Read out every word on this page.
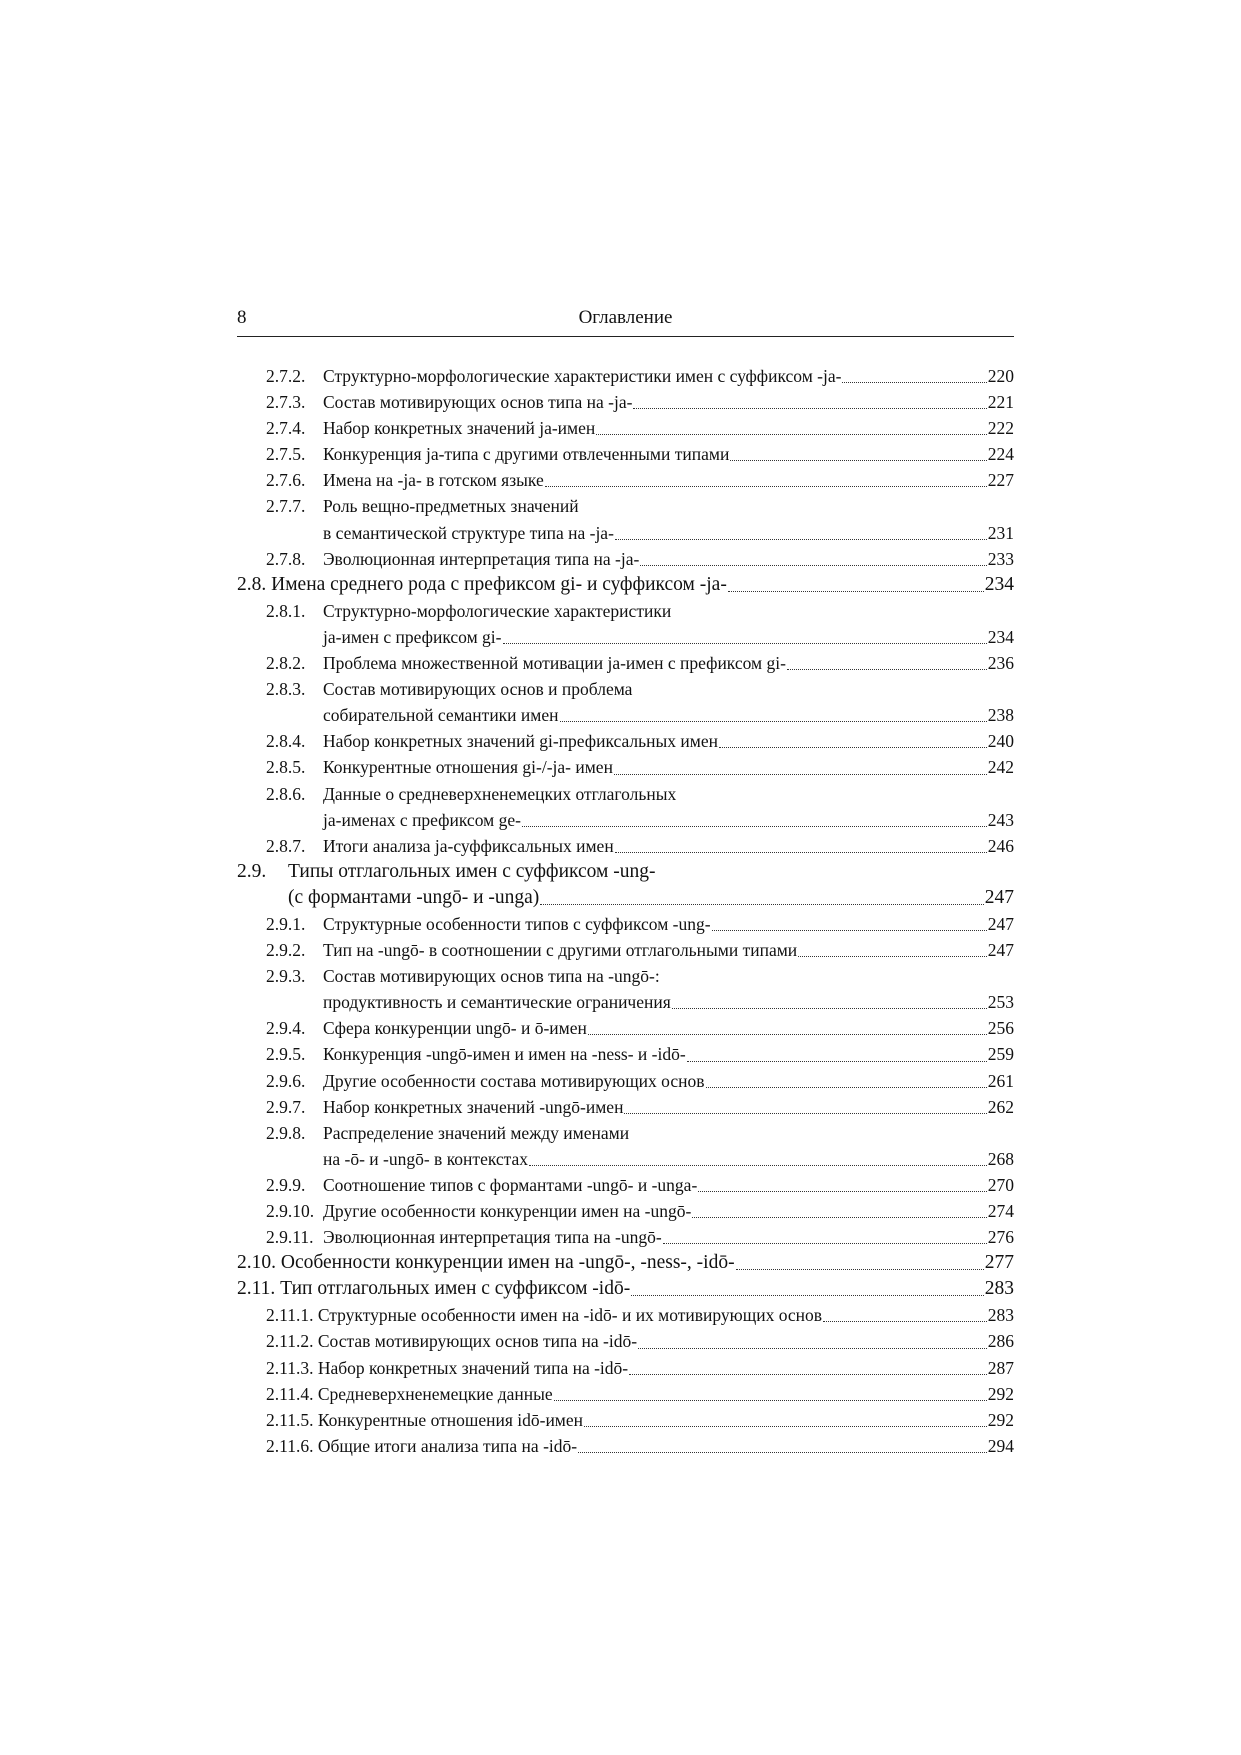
8	Оглавление
2.7.2. Структурно-морфологические характеристики имен с суффиксом -ja-	220
2.7.3. Состав мотивирующих основ типа на -ja-	221
2.7.4. Набор конкретных значений ja-имен	222
2.7.5. Конкуренция ja-типа с другими отвлеченными типами	224
2.7.6. Имена на -ja- в готском языке	227
2.7.7. Роль вещно-предметных значений
в семантической структуре типа на -ja-	231
2.7.8. Эволюционная интерпретация типа на -ja-	233
2.8. Имена среднего рода с префиксом gi- и суффиксом -ja-	234
2.8.1. Структурно-морфологические характеристики
ja-имен с префиксом gi-	234
2.8.2. Проблема множественной мотивации ja-имен с префиксом gi-	236
2.8.3. Состав мотивирующих основ и проблема
собирательной семантики имен	238
2.8.4. Набор конкретных значений gi-префиксальных имен	240
2.8.5. Конкурентные отношения gi-/-ja- имен	242
2.8.6. Данные о средневерхненемецких отглагольных
ja-именах с префиксом ge-	243
2.8.7. Итоги анализа ja-суффиксальных имен	246
2.9. Типы отглагольных имен с суффиксом -ung-
(с формантами -ungō- и -unga)	247
2.9.1. Структурные особенности типов с суффиксом -ung-	247
2.9.2. Тип на -ungō- в соотношении с другими отглагольными типами	247
2.9.3. Состав мотивирующих основ типа на -ungō-:
продуктивность и семантические ограничения	253
2.9.4. Сфера конкуренции ungō- и ō-имен	256
2.9.5. Конкуренция -ungō-имен и имен на -ness- и -idō-	259
2.9.6. Другие особенности состава мотивирующих основ	261
2.9.7. Набор конкретных значений -ungō-имен	262
2.9.8. Распределение значений между именами
на -ō- и -ungō- в контекстах	268
2.9.9. Соотношение типов с формантами -ungō- и -unga-	270
2.9.10. Другие особенности конкуренции имен на -ungō-	274
2.9.11. Эволюционная интерпретация типа на -ungō-	276
2.10. Особенности конкуренции имен на -ungō-, -ness-, -idō-	277
2.11. Тип отглагольных имен с суффиксом -idō-	283
2.11.1. Структурные особенности имен на -idō- и их мотивирующих основ	283
2.11.2. Состав мотивирующих основ типа на -idō-	286
2.11.3. Набор конкретных значений типа на -idō-	287
2.11.4. Средневерхненемецкие данные	292
2.11.5. Конкурентные отношения idō-имен	292
2.11.6. Общие итоги анализа типа на -idō-	294
